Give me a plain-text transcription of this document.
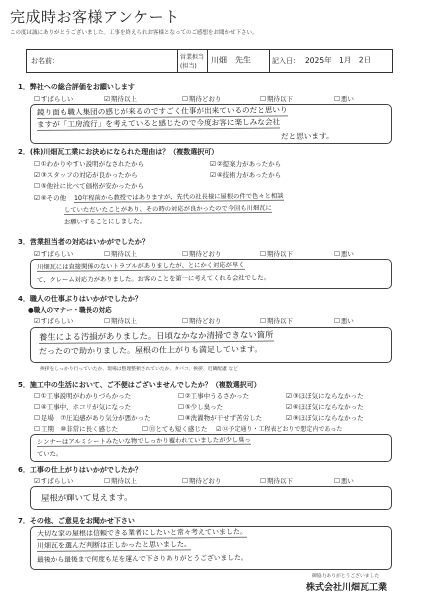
完成時お客様アンケート
この度は誠にありがとうございました。工事を終えられお客様となってのご感想をお聞かせ下さい。
お名前：	営業担当
(担当)
川畑　先生	記入日： 2025年　1月　2日
1．弊社への総合評価をお願いします
☐ すばらしい	☑ 期待以上	☐ 期待どおり	☐ 期待以下	☐ 悪い
鏡り面も職人集団の感じが来るのですごく仕事が出来ているのだと思いり
ますが「工房流行」を考えていると感じたので今度お客に楽しみな会社
だと思います。
2．(株)川畑瓦工業にお決めになられた理由は？（複数選択可）
☐ ①わかりやすい説明がなされたから	☑ ②提案力があったから
☑ ③スタッフの対応が良かったから	☑ ④技術力があったから
☐ ⑤他社に比べて価格が安かったから
☑ ⑥その他 10年程前から教授ではありますが、先代の社長様に屋根の件で色々と相談
していただいたことがあり、その時の対応が良かったので今回も川畑瓦に
お願いすることにしました。
3．営業担当者の対応はいかがでしたか？
☑ すばらしい	☐ 期待以上	☐ 期待どおり	☐ 期待以下	☐ 悪い
川畑瓦には直接関係のないトラブルがありましたが、とにかく対応が早く
て、クレーム対応力がありました。お客のことを第一に考えてくれる会社でした。
4．職人の仕事ぶりはいかがでしたか？
●職人のマナー・職長の対応
☑ すばらしい	☐ 期待以上	☐ 期待どおり	☐ 期待以下	☐ 悪い
養生による汚損がありました。日頃なかなか清掃できない箇所
だったので助かりました。屋根の仕上がりも満足しています。
挨拶をしっかり行っていたか、現場は整理整頓されていたか、タバコ、挨拶、近隣配慮 など
5．施工中の生活において、ご不便はございませんでしたか？（複数選択可）
☐ ①工事説明がわかりづらかった	☐ ②工事中うるさかった	☑ ③ほぼ気にならなかった
☐ ④工事中、ホコリが気になった	☐ ⑤少し臭った	☑ ⑥ほぼ気にならなかった
☐ 足場　⑦圧迫感があり気分が悪かった	☐ ⑧洗濯物が干せず苦労した	☑ ⑨ほぼ気にならなかった
☐ 工期　⑩非常に長く感じた	☐ ⑪とても短く感じた	☑ ⑫予定通り・工程表どおりで想定内であった
シンナーはアルミシートみたいな物でしっかり覆われていましたが少し臭っ
ていた。
6．工事の仕上がりはいかがでしたか？
☑ すばらしい	☐ 期待以上	☐ 期待どおり	☐ 期待以下	☐ 悪い
屋根が輝いて見えます。
7．その他、ご意見をお聞かせ下さい
大切な家の屋根は信頼できる業者にしたいと常々考えていました。
川畑瓦を選んだ判断は正しかったと思いました。
最後から最後まで何度も足を運んで下さりありがとうございました。
御協力ありがとうございました
株式会社川畑瓦工業
